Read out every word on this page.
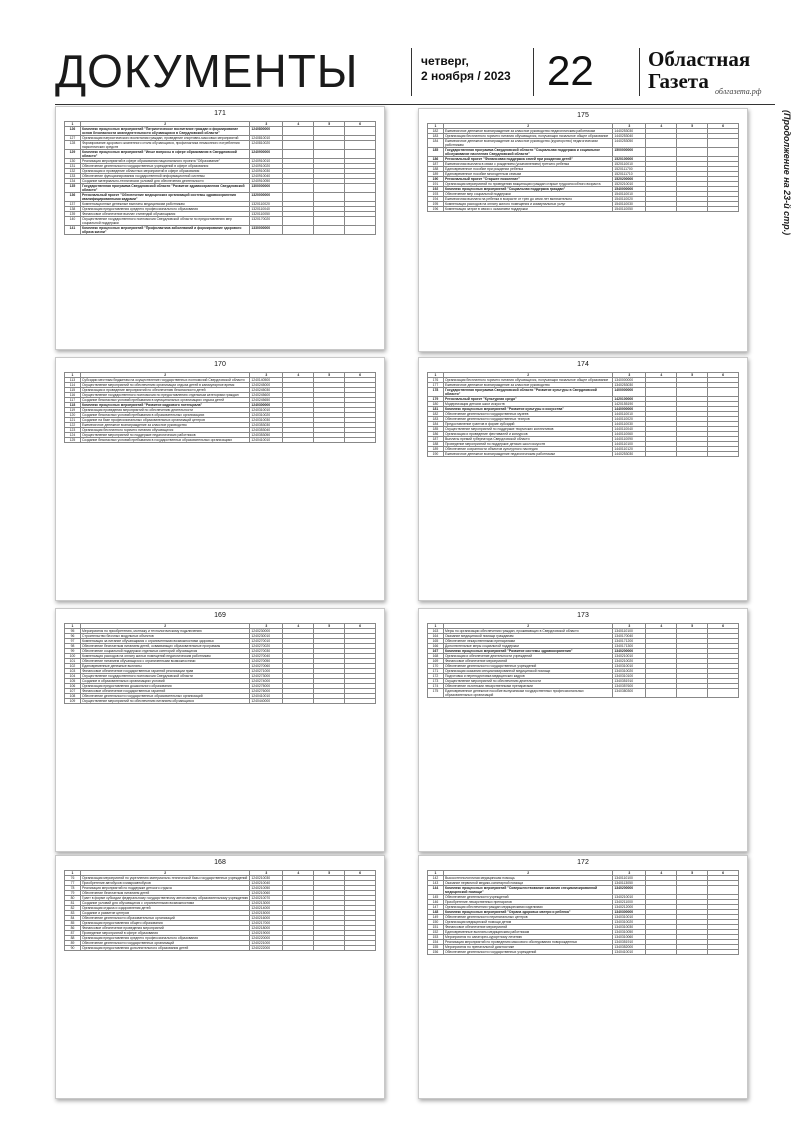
ДОКУМЕНТЫ	четверг,
2 ноября / 2023 22	Областная
Газета облгазета.рф
(Продолжение на 23-й стр.)
171
1	2	3	4	5	6
126	Комплекс процессных мероприятий "Патриотическое воспитание граждан и формирование основ безопасности жизнедеятельности обучающихся в Свердловской области"	1240800000			
127	Организация патриотического воспитания граждан, проведение спортивно-массовых мероприятий	1240810010			
128	Формирование здорового жизненного стиля обучающихся, профилактика незаконного потребления наркотических средств	1240810020			
129	Комплекс процессных мероприятий "Иные вопросы в сфере образования в Свердловской области"	1240900000			
130	Реализация мероприятий в сфере образования национального проекта "Образование"	1240910010			
131	Обеспечение деятельности государственных учреждений в сфере образования	1240910020			
132	Организация и проведение областных мероприятий в сфере образования	1240910030			
133	Обеспечение функционирования государственной информационной системы	1240910040			
134	Создание материально-технических условий для обеспечения деятельности	1240910050			
135	Государственная программа Свердловской области "Развитие здравоохранения Свердловской области"	1300000000			
136	Региональный проект "Обеспечение медицинских организаций системы здравоохранения квалифицированными кадрами"	1320000000			
137	Компенсационные денежные выплаты медицинским работникам	1320110020			
138	Организация предоставления среднего профессионального образования	1320110040			
139	Финансовое обеспечение выплат стипендий обучающимся	1320110050			
140	Осуществление государственного полномочия Свердловской области по предоставлению мер социальной поддержки	1320170020			
141	Комплекс процессных мероприятий "Профилактика заболеваний и формирование здорового образа жизни"	1330000000			
175
1	2	3	4	5	6
182	Ежемесячное денежное вознаграждение за классное руководство педагогическим работникам	1440253030			
183	Организация бесплатного горячего питания обучающихся, получающих начальное общее образование	1440253040			
184	Ежемесячное денежное вознаграждение за классное руководство (кураторство) педагогическим работникам	1440253050			
185	Государственная программа Свердловской области "Социальная поддержка и социальное обслуживание населения Свердловской области"	1500000000			
186	Региональный проект "Финансовая поддержка семей при рождении детей"	1520100000			
187	Ежемесячная выплата в связи с рождением (усыновлением) третьего ребенка	1520110010			
188	Единовременное пособие при рождении ребенка	1520111700			
189	Единовременное пособие многодетным семьям	1520111710			
190	Региональный проект "Старшее поколение"	1520200000			
191	Организация мероприятий по проведению вакцинации граждан старше трудоспособного возраста	1520210010			
192	Комплекс процессных мероприятий "Социальная поддержка граждан"	1540000000			
193	Обеспечение мер социальной поддержки	1540110010			
194	Ежемесячная выплата на ребенка в возрасте от трех до семи лет включительно	1540110020			
195	Компенсация расходов на оплату жилого помещения и коммунальных услуг	1540110030			
196	Компенсация затрат в связи с оказанием поддержки	1540110050			
170
1	2	3	4	5	6
113	Субсидии местным бюджетам на осуществление государственных полномочий Свердловской области	1240140500			
114	Осуществление мероприятий по обеспечению организации отдыха детей в каникулярное время	1240245000			
115	Организация и проведение мероприятий по обеспечению безопасности детей	1240245030			
116	Осуществление государственного полномочия по предоставлению отдельным категориям граждан	1240245600			
117	Создание безопасных условий пребывания в муниципальных организациях отдыха детей	1240245650			
118	Комплекс процессных мероприятий "Развитие кадрового потенциала"	1240300000			
119	Организация проведения мероприятий по обеспечению деятельности	1240310010			
120	Создание безопасных условий пребывания в образовательных организациях	1240310020			
121	Создание на базе профессиональных образовательных организаций центров	1240310030			
122	Ежемесячное денежное вознаграждение за классное руководство	1240353030			
123	Организация бесплатного горячего питания обучающихся	1240353040			
124	Осуществление мероприятий по поддержке педагогических работников	1240353050			
125	Создание безопасных условий пребывания в государственных образовательных организациях	1240410010			
174
1	2	3	4	5	6
176	Организация бесплатного горячего питания обучающихся, получающих начальное общее образование	1340000000			
177	Ежемесячное денежное вознаграждение за классное руководство	1340253030			
178	Государственная программа Свердловской области "Развитие культуры в Свердловской области"	1400000000			
179	Региональный проект "Культурная среда"	1420100000			
180	Модернизация детских школ искусств	1420155190			
181	Комплекс процессных мероприятий "Развитие культуры и искусства"	1440000000			
182	Обеспечение деятельности государственных музеев	1440110010			
183	Обеспечение деятельности государственных театров	1440110020			
184	Предоставление грантов в форме субсидий	1440110030			
185	Осуществление мероприятий по поддержке творческих коллективов	1440110040			
186	Организация и проведение фестивалей и конкурсов	1440110060			
187	Выплаты премий губернатора Свердловской области	1440110090			
188	Проведение мероприятий по поддержке детских школ искусств	1440110100			
189	Обеспечение сохранности объектов культурного наследия	1440110120			
190	Ежемесячное денежное вознаграждение педагогическим работникам	1440253030			
169
1	2	3	4	5	6
95	Мероприятия по приобретению, монтажу и технологическому подключению	1240230000			
96	Строительство блочных модульных объектов	1240230010			
97	Компенсация за питание обучающимся с ограниченными возможностями здоровья	1240270010			
98	Обеспечение бесплатным питанием детей, осваивающих образовательные программы	1240270020			
99	Обеспечение социальной поддержки отдельных категорий обучающихся	1240270030			
100	Компенсация расходов на оплату жилых помещений педагогическим работникам	1240270040			
101	Обеспечение питанием обучающихся с ограниченными возможностями	1240270050			
102	Единовременные денежные выплаты	1240270060			
103	Финансовое обеспечение государственных гарантий реализации прав	1240271000			
104	Осуществление государственного полномочия Свердловской области	1240273000			
105	Создание в образовательных организациях условий	1240274000			
106	Организация предоставления дошкольного образования	1240275000			
107	Финансовое обеспечение государственных гарантий	1240276000			
108	Обеспечение деятельности государственных образовательных организаций	1240410010			
109	Осуществление мероприятий по обеспечению питанием обучающихся	1240440000			
173
1	2	3	4	5	6
163	Меры по организации обеспечения граждан, проживающих в Свердловской области	1340110100			
164	Оказание медицинской помощи гражданам	1340170040			
165	Обеспечение лекарственными препаратами	1340171200			
166	Дополнительные меры социальной поддержки	1340171300			
167	Комплекс процессных мероприятий "Развитие системы здравоохранения"	1340200000			
168	Организация и обеспечение деятельности учреждений	1340210010			
169	Финансовое обеспечение мероприятий	1340210020			
170	Обеспечение деятельности государственных учреждений	1340310010			
171	Организация оказания специализированной медицинской помощи	1340310020			
172	Подготовка и переподготовка медицинских кадров	1340310100			
173	Осуществление мероприятий по обеспечению деятельности	1340351910			
174	Обеспечение льготными лекарственными препаратами	1340357600			
175	Единовременное денежное пособие выпускникам государственных профессиональных образовательных организаций	1340380300			
168
1	2	3	4	5	6
76	Организация мероприятий по укреплению материально-технической базы государственных учреждений	1240210030			
77	Приобретение автобусов и микроавтобусов	1240210040			
78	Реализация мероприятий по поддержке детского отдыха	1240210050			
79	Обеспечение бесплатным питанием детей	1240210060			
80	Грант в форме субсидии федеральному государственному автономному образовательному учреждению	1240210070			
81	Создание условий для обучающихся с ограниченными возможностями	1240213000			
82	Организация отдыха и оздоровления детей	1240214000			
83	Создание и развитие центров	1240215000			
84	Обеспечение деятельности образовательных организаций	1240216000			
85	Организация предоставления общего образования	1240217000			
86	Финансовое обеспечение проведения мероприятий	1240218000			
87	Проведение мероприятий в сфере образования	1240219000			
88	Организация предоставления среднего профессионального образования	1240220000			
89	Обеспечение деятельности государственных организаций	1240221000			
90	Организация предоставления дополнительного образования детей	1240222000			
172
1	2	3	4	5	6
142	Высокотехнологичная медицинская помощь	1340110100			
143	Оказание первичной медико-санитарной помощи	1340113050			
144	Комплекс процессных мероприятий "Совершенствование оказания специализированной медицинской помощи"	1340200000			
145	Обеспечение деятельности учреждений	1340210010			
146	Приобретение лекарственных препаратов	1340211000			
147	Организация обеспечения граждан медицинскими изделиями	1340212000			
148	Комплекс процессных мероприятий "Охрана здоровья матери и ребенка"	1340300000			
149	Обеспечение деятельности перинатальных центров	1340310010			
150	Организация медицинской помощи детям	1340310020			
151	Финансовое обеспечение мероприятий	1340310030			
152	Единовременные выплаты медицинским работникам	1340310050			
153	Мероприятия по санаторно-курортному лечению	1340310060			
154	Реализация мероприятий по проведению массового обследования новорожденных	1340351910			
155	Мероприятия по пренатальной диагностике	1340352000			
156	Обеспечение деятельности государственных учреждений	1340410010			
